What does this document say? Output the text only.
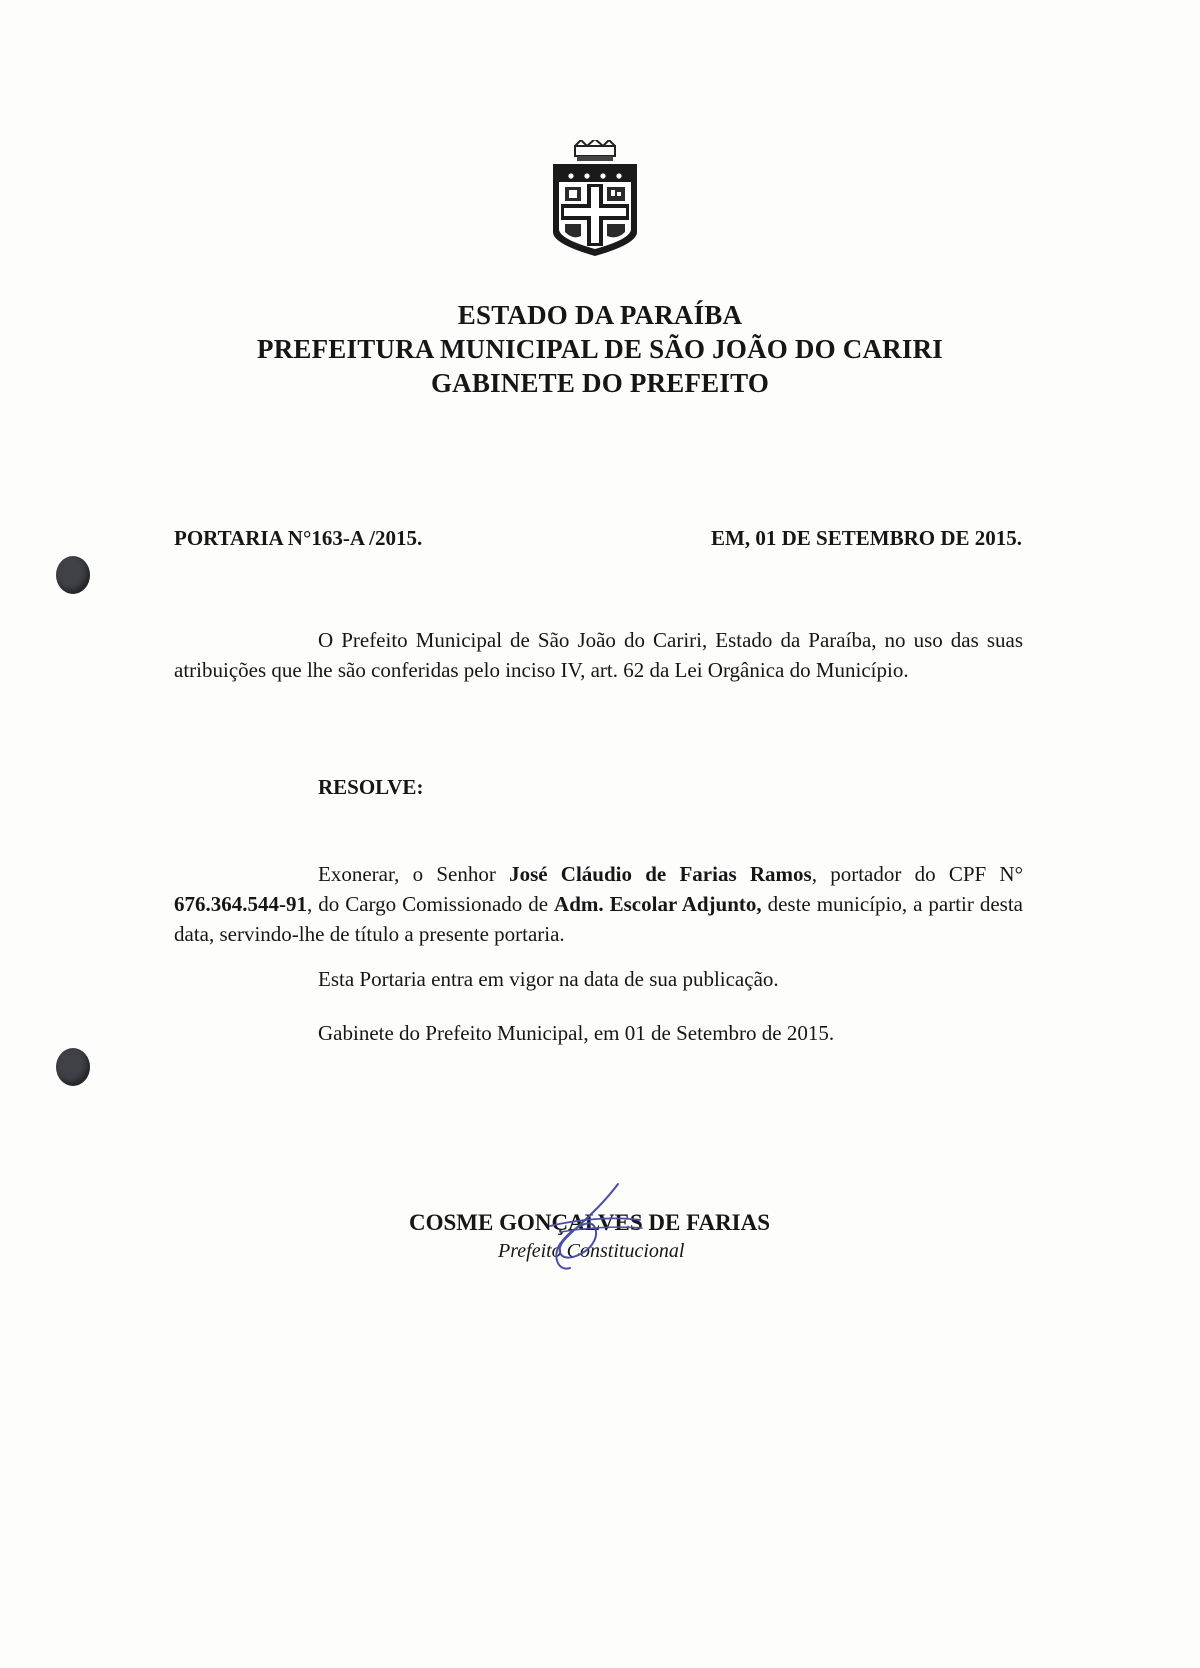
ESTADO DA PARAÍBA
PREFEITURA MUNICIPAL DE SÃO JOÃO DO CARIRI
GABINETE DO PREFEITO
PORTARIA N°163-A /2015.	EM, 01 DE SETEMBRO DE 2015.
O Prefeito Municipal de São João do Cariri, Estado da Paraíba, no uso das suas atribuições que lhe são conferidas pelo inciso IV, art. 62 da Lei Orgânica do Município.
RESOLVE:
Exonerar, o Senhor José Cláudio de Farias Ramos, portador do CPF N° 676.364.544-91, do Cargo Comissionado de Adm. Escolar Adjunto, deste município, a partir desta data, servindo-lhe de título a presente portaria.
Esta Portaria entra em vigor na data de sua publicação.
Gabinete do Prefeito Municipal, em 01 de Setembro de 2015.
COSME GONÇALVES DE FARIAS
Prefeito Constitucional
